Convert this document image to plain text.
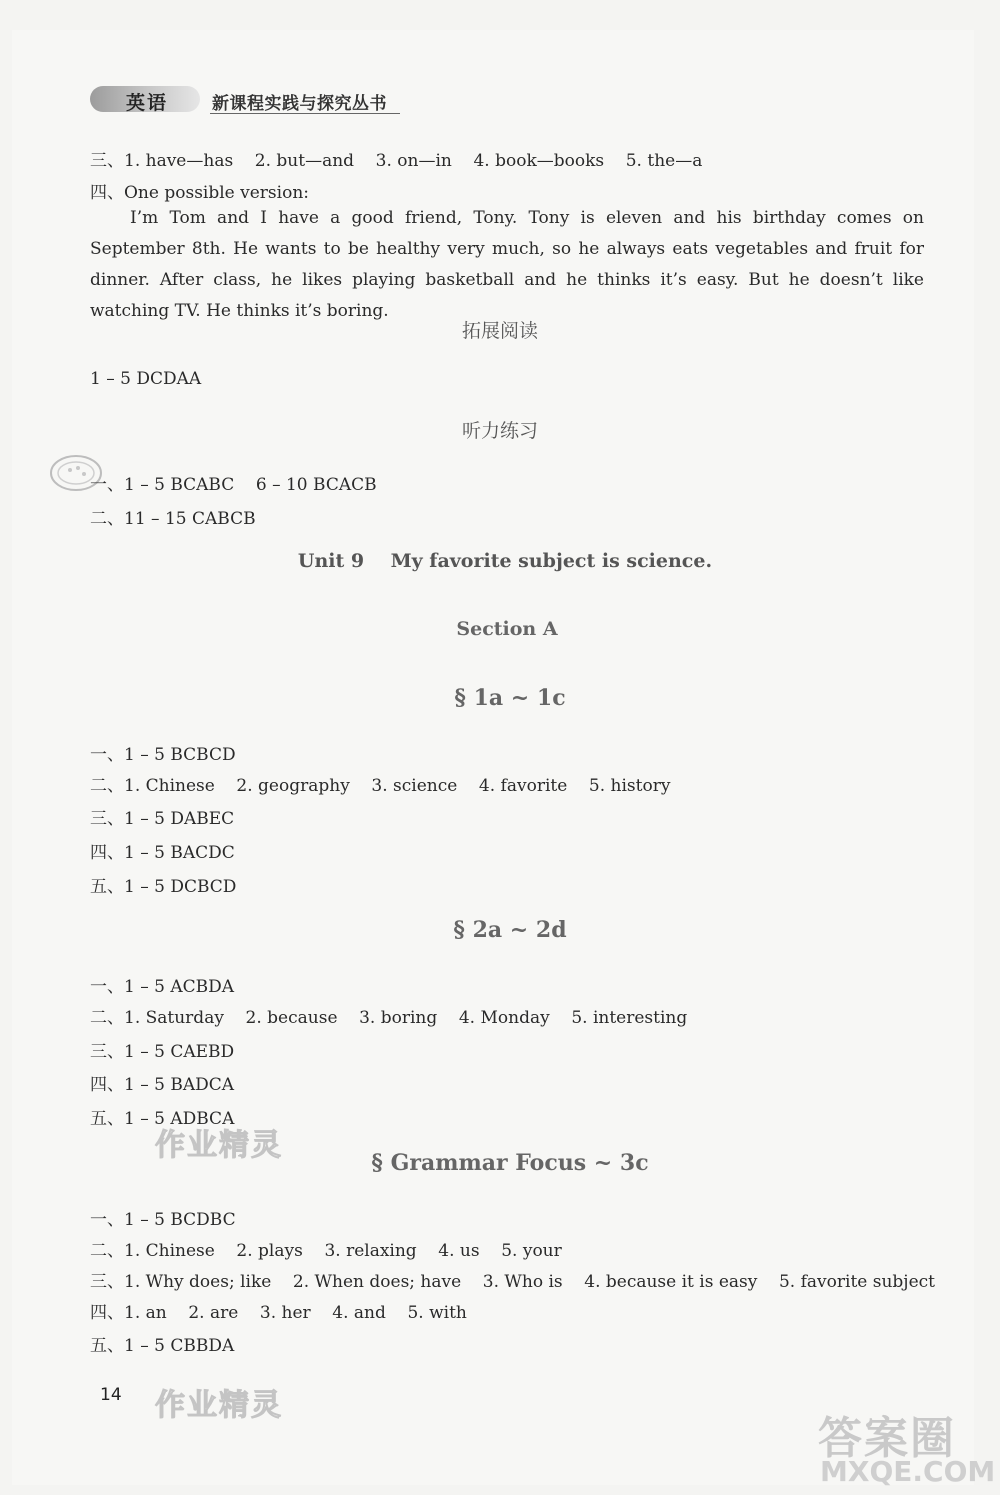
英语	新课程实践与探究丛书
三、1. have—has    2. but—and    3. on—in    4. book—books    5. the—a
四、One possible version:
I’m Tom and I have a good friend, Tony. Tony is eleven and his birthday comes on September 8th. He wants to be healthy very much, so he always eats vegetables and fruit for dinner. After class, he likes playing basketball and he thinks it’s easy. But he doesn’t like watching TV. He thinks it’s boring.
拓展阅读
1 – 5 DCDAA
听力练习
一、1 – 5 BCABC    6 – 10 BCACB
二、11 – 15 CABCB
Unit 9    My favorite subject is science.
Section A
§ 1a ~ 1c
一、1 – 5 BCBCD
二、1. Chinese    2. geography    3. science    4. favorite    5. history
三、1 – 5 DABEC
四、1 – 5 BACDC
五、1 – 5 DCBCD
§ 2a ~ 2d
一、1 – 5 ACBDA
二、1. Saturday    2. because    3. boring    4. Monday    5. interesting
三、1 – 5 CAEBD
四、1 – 5 BADCA
五、1 – 5 ADBCA
作业精灵	§ Grammar Focus ~ 3c
一、1 – 5 BCDBC
二、1. Chinese    2. plays    3. relaxing    4. us    5. your
三、1. Why does; like    2. When does; have    3. Who is    4. because it is easy    5. favorite subject
四、1. an    2. are    3. her    4. and    5. with
五、1 – 5 CBBDA
14 作业精灵
答案圈
MXQE.COM
